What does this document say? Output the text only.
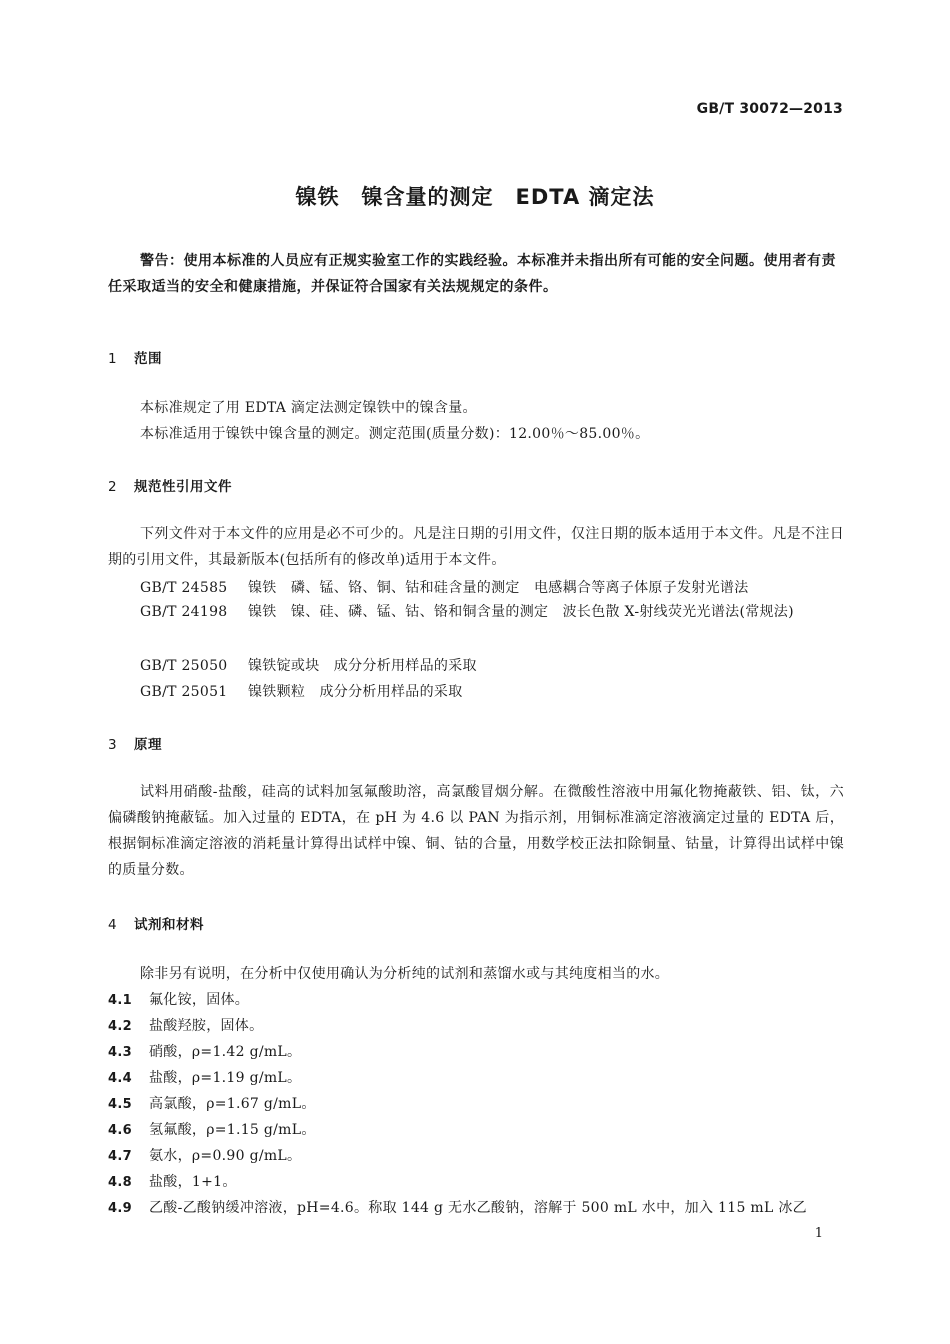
GB/T 30072—2013
镍铁　镍含量的测定　EDTA 滴定法
警告：使用本标准的人员应有正规实验室工作的实践经验。本标准并未指出所有可能的安全问题。使用者有责任采取适当的安全和健康措施，并保证符合国家有关法规规定的条件。
1 范围
本标准规定了用 EDTA 滴定法测定镍铁中的镍含量。
本标准适用于镍铁中镍含量的测定。测定范围(质量分数)：12.00％～85.00％。
2 规范性引用文件
下列文件对于本文件的应用是必不可少的。凡是注日期的引用文件，仅注日期的版本适用于本文件。凡是不注日期的引用文件，其最新版本(包括所有的修改单)适用于本文件。
GB/T 24585 镍铁　磷、锰、铬、铜、钴和硅含量的测定　电感耦合等离子体原子发射光谱法
GB/T 24198 镍铁　镍、硅、磷、锰、钴、铬和铜含量的测定　波长色散 X-射线荧光光谱法(常规法)
GB/T 25050 镍铁锭或块　成分分析用样品的采取
GB/T 25051 镍铁颗粒　成分分析用样品的采取
3 原理
试料用硝酸-盐酸，硅高的试料加氢氟酸助溶，高氯酸冒烟分解。在微酸性溶液中用氟化物掩蔽铁、铝、钛，六偏磷酸钠掩蔽锰。加入过量的 EDTA，在 pH 为 4.6 以 PAN 为指示剂，用铜标准滴定溶液滴定过量的 EDTA 后，根据铜标准滴定溶液的消耗量计算得出试样中镍、铜、钴的合量，用数学校正法扣除铜量、钴量，计算得出试样中镍的质量分数。
4 试剂和材料
除非另有说明，在分析中仅使用确认为分析纯的试剂和蒸馏水或与其纯度相当的水。
4.1 氟化铵，固体。
4.2 盐酸羟胺，固体。
4.3 硝酸，ρ=1.42 g/mL。
4.4 盐酸，ρ=1.19 g/mL。
4.5 高氯酸，ρ=1.67 g/mL。
4.6 氢氟酸，ρ=1.15 g/mL。
4.7 氨水，ρ=0.90 g/mL。
4.8 盐酸，1+1。
4.9 乙酸-乙酸钠缓冲溶液，pH=4.6。称取 144 g 无水乙酸钠，溶解于 500 mL 水中，加入 115 mL 冰乙
1
